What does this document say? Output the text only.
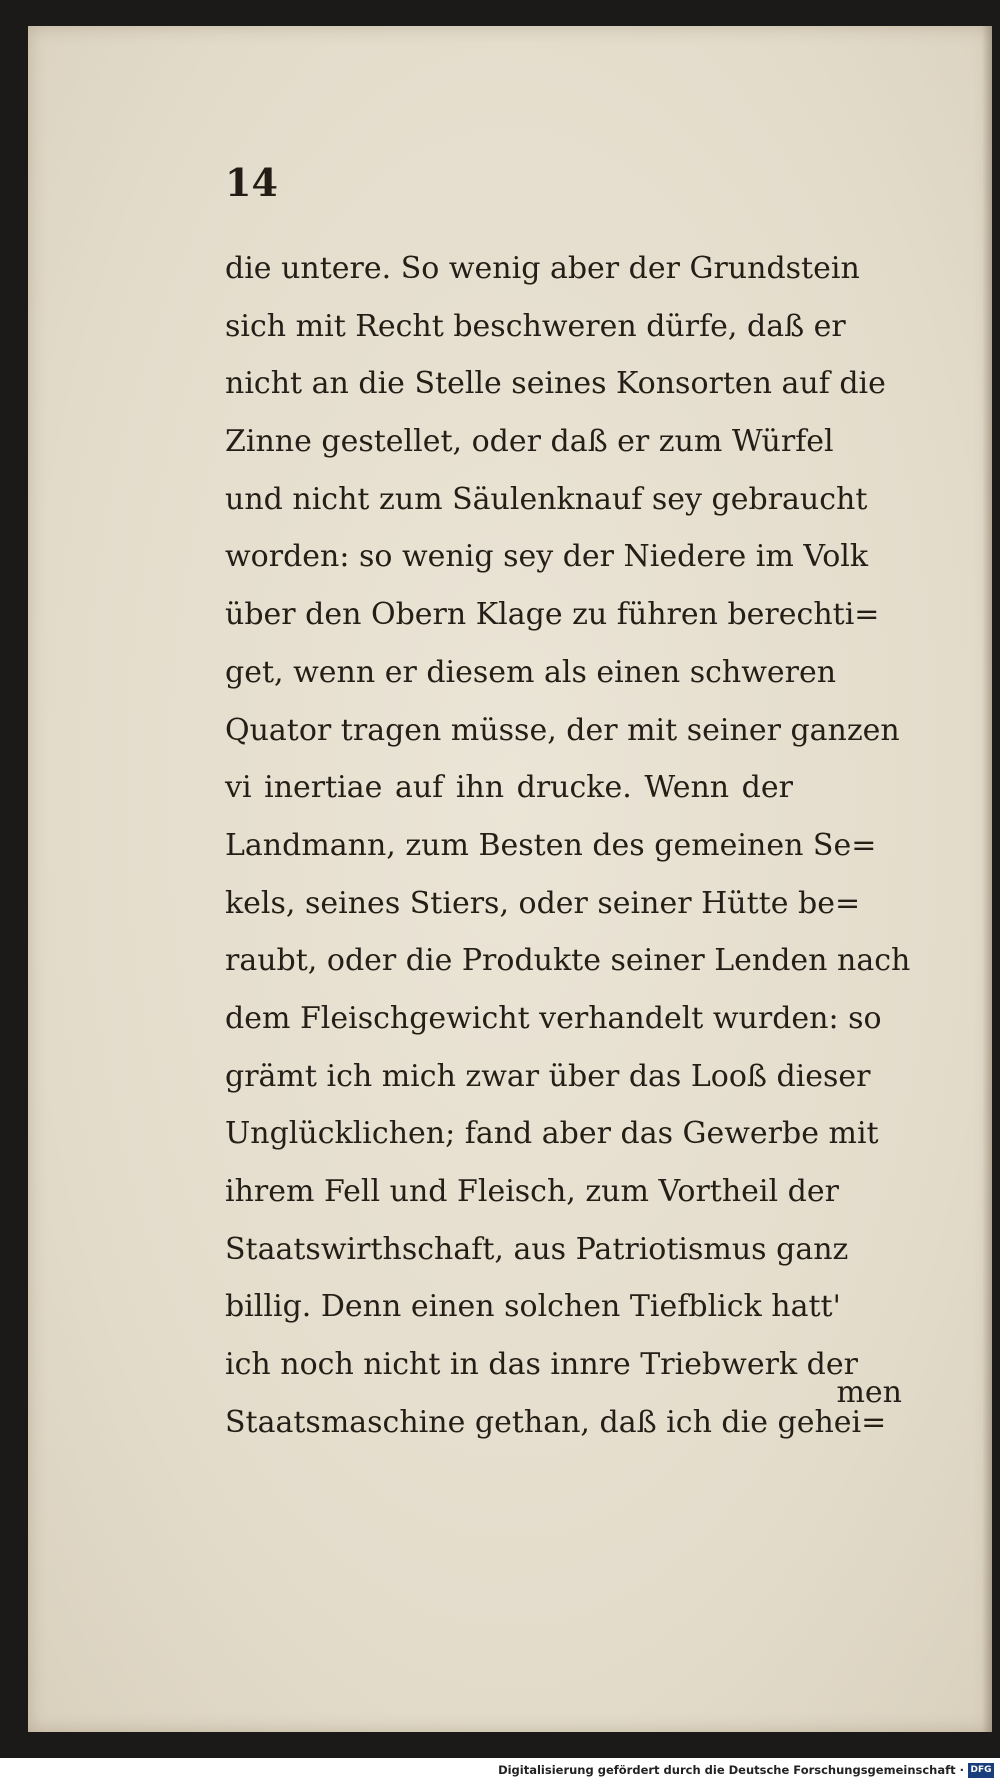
14

die untere. So wenig aber der Grundstein
sich mit Recht beschweren dürfe, daß er
nicht an die Stelle seines Konsorten auf die
Zinne gestellet, oder daß er zum Würfel
und nicht zum Säulenknauf sey gebraucht
worden: so wenig sey der Niedere im Volk
über den Obern Klage zu führen berechti=
get, wenn er diesem als einen schweren
Quator tragen müsse, der mit seiner ganzen
vi inertiae auf ihn drucke. Wenn der
Landmann, zum Besten des gemeinen Se=
kels, seines Stiers, oder seiner Hütte be=
raubt, oder die Produkte seiner Lenden nach
dem Fleischgewicht verhandelt wurden: so
grämt ich mich zwar über das Looß dieser
Unglücklichen; fand aber das Gewerbe mit
ihrem Fell und Fleisch, zum Vortheil der
Staatswirthschaft, aus Patriotismus ganz
billig. Denn einen solchen Tiefblick hatt'
ich noch nicht in das innre Triebwerk der
Staatsmaschine gethan, daß ich die gehei=

men

Digitalisierung gefördert durch die Deutsche Forschungsgemeinschaft · DFG
